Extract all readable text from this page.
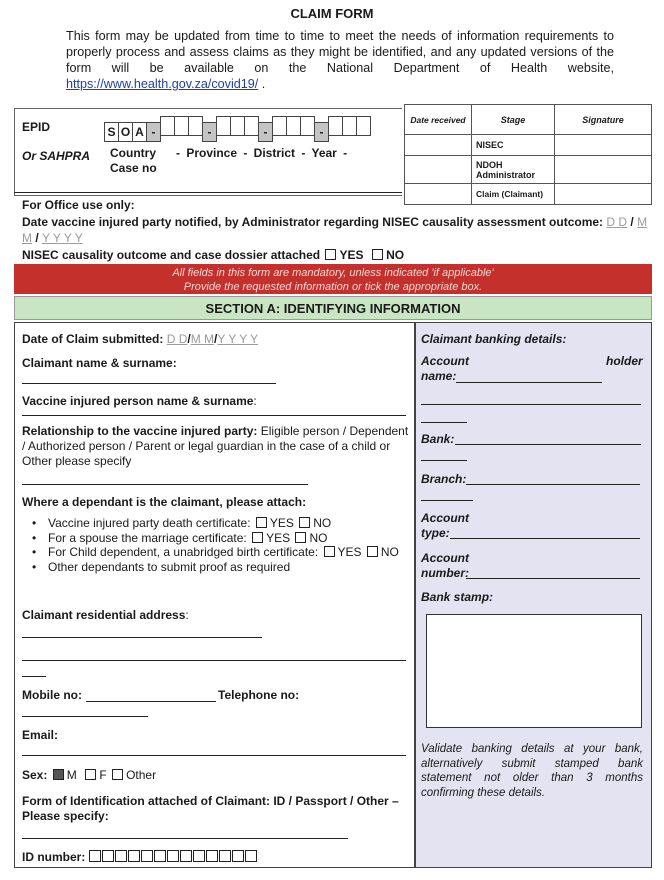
CLAIM FORM
This form may be updated from time to time to meet the needs of information requirements to properly process and assess claims as they might be identified, and any updated versions of the form will be available on the National Department of Health website, https://www.health.gov.za/covid19/ .
Date received	Stage	Signature
	NISEC	
	NDOH Administrator	
	Claim (Claimant)	
EPID	S O A -	-	-	-
Or SAHPRA Country Case no
- Province - District - Year -
For Office use only:
Date vaccine injured party notified, by Administrator regarding NISEC causality assessment outcome: D D / M M / Y Y Y Y
NISEC causality outcome and case dossier attached YES NO
All fields in this form are mandatory, unless indicated 'if applicable'
Provide the requested information or tick the appropriate box.
SECTION A: IDENTIFYING INFORMATION
Date of Claim submitted: D D/M M/Y Y Y Y
Claimant name & surname:
Vaccine injured person name & surname:
Relationship to the vaccine injured party: Eligible person / Dependent / Authorized person / Parent or legal guardian in the case of a child or Other please specify
Where a dependant is the claimant, please attach:
• Vaccine injured party death certificate: YES NO
• For a spouse the marriage certificate: YES NO
• For Child dependent, a unabridged birth certificate: YES NO
• Other dependants to submit proof as required
Claimant residential address:
Mobile no:	Telephone no:
Email:
Sex: M F Other
Form of Identification attached of Claimant: ID / Passport / Other – Please specify:
ID number:
Claimant banking details:
Account	holder
name:
Bank:
Branch:
Account
type:
Account
number:
Bank stamp:
Validate banking details at your bank, alternatively submit stamped bank statement not older than 3 months confirming these details.
